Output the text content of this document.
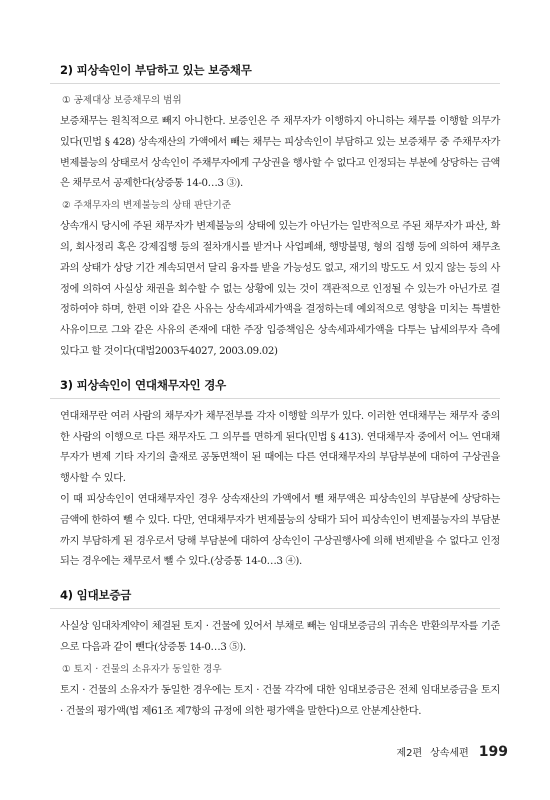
2) 피상속인이 부담하고 있는 보증채무
① 공제대상 보증채무의 범위

보증채무는 원칙적으로 빼지 아니한다. 보증인은 주 채무자가 이행하지 아니하는 채무를 이행할 의무가 있다(민법 § 428) 상속재산의 가액에서 빼는 채무는 피상속인이 부담하고 있는 보증채무 중 주채무자가 변제불능의 상태로서 상속인이 주채무자에게 구상권을 행사할 수 없다고 인정되는 부분에 상당하는 금액은 채무로서 공제한다(상증통 14-0…3 ③).

② 주채무자의 변제불능의 상태 판단기준

상속개시 당시에 주된 채무자가 변제불능의 상태에 있는가 아닌가는 일반적으로 주된 채무자가 파산, 화의, 회사정리 혹은 강제집행 등의 절차개시를 받거나 사업폐쇄, 행방불명, 형의 집행 등에 의하여 채무초과의 상태가 상당 기간 계속되면서 달리 융자를 받을 가능성도 없고, 재기의 방도도 서 있지 않는 등의 사정에 의하여 사실상 채권을 회수할 수 없는 상황에 있는 것이 객관적으로 인정될 수 있는가 아닌가로 결정하여야 하며, 한편 이와 같은 사유는 상속세과세가액을 결정하는데 예외적으로 영향을 미치는 특별한 사유이므로 그와 같은 사유의 존재에 대한 주장 입증책임은 상속세과세가액을 다투는 납세의무자 측에 있다고 할 것이다(대법2003두4027, 2003.09.02)

3) 피상속인이 연대채무자인 경우

연대채무란 여러 사람의 채무자가 채무전부를 각자 이행할 의무가 있다. 이러한 연대채무는 채무자 중의 한 사람의 이행으로 다른 채무자도 그 의무를 면하게 된다(민법 § 413). 연대채무자 중에서 어느 연대채무자가 변제 기타 자기의 출재로 공동면책이 된 때에는 다른 연대채무자의 부담부분에 대하여 구상권을 행사할 수 있다.

이 때 피상속인이 연대채무자인 경우 상속재산의 가액에서 뺄 채무액은 피상속인의 부담분에 상당하는 금액에 한하여 뺄 수 있다. 다만, 연대채무자가 변제불능의 상태가 되어 피상속인이 변제불능자의 부담분까지 부담하게 된 경우로서 당해 부담분에 대하여 상속인이 구상권행사에 의해 변제받을 수 없다고 인정되는 경우에는 채무로서 뺄 수 있다.(상증통 14-0…3 ④).

4) 임대보증금

사실상 임대차계약이 체결된 토지 · 건물에 있어서 부채로 빼는 임대보증금의 귀속은 반환의무자를 기준으로 다음과 같이 뺀다(상증통 14-0…3 ⑤).

① 토지 · 건물의 소유자가 동일한 경우

토지 · 건물의 소유자가 동일한 경우에는 토지 · 건물 각각에 대한 임대보증금은 전체 임대보증금을 토지 · 건물의 평가액(법 제61조 제7항의 규정에 의한 평가액을 말한다)으로 안분계산한다.

제2편 상속세편 199
